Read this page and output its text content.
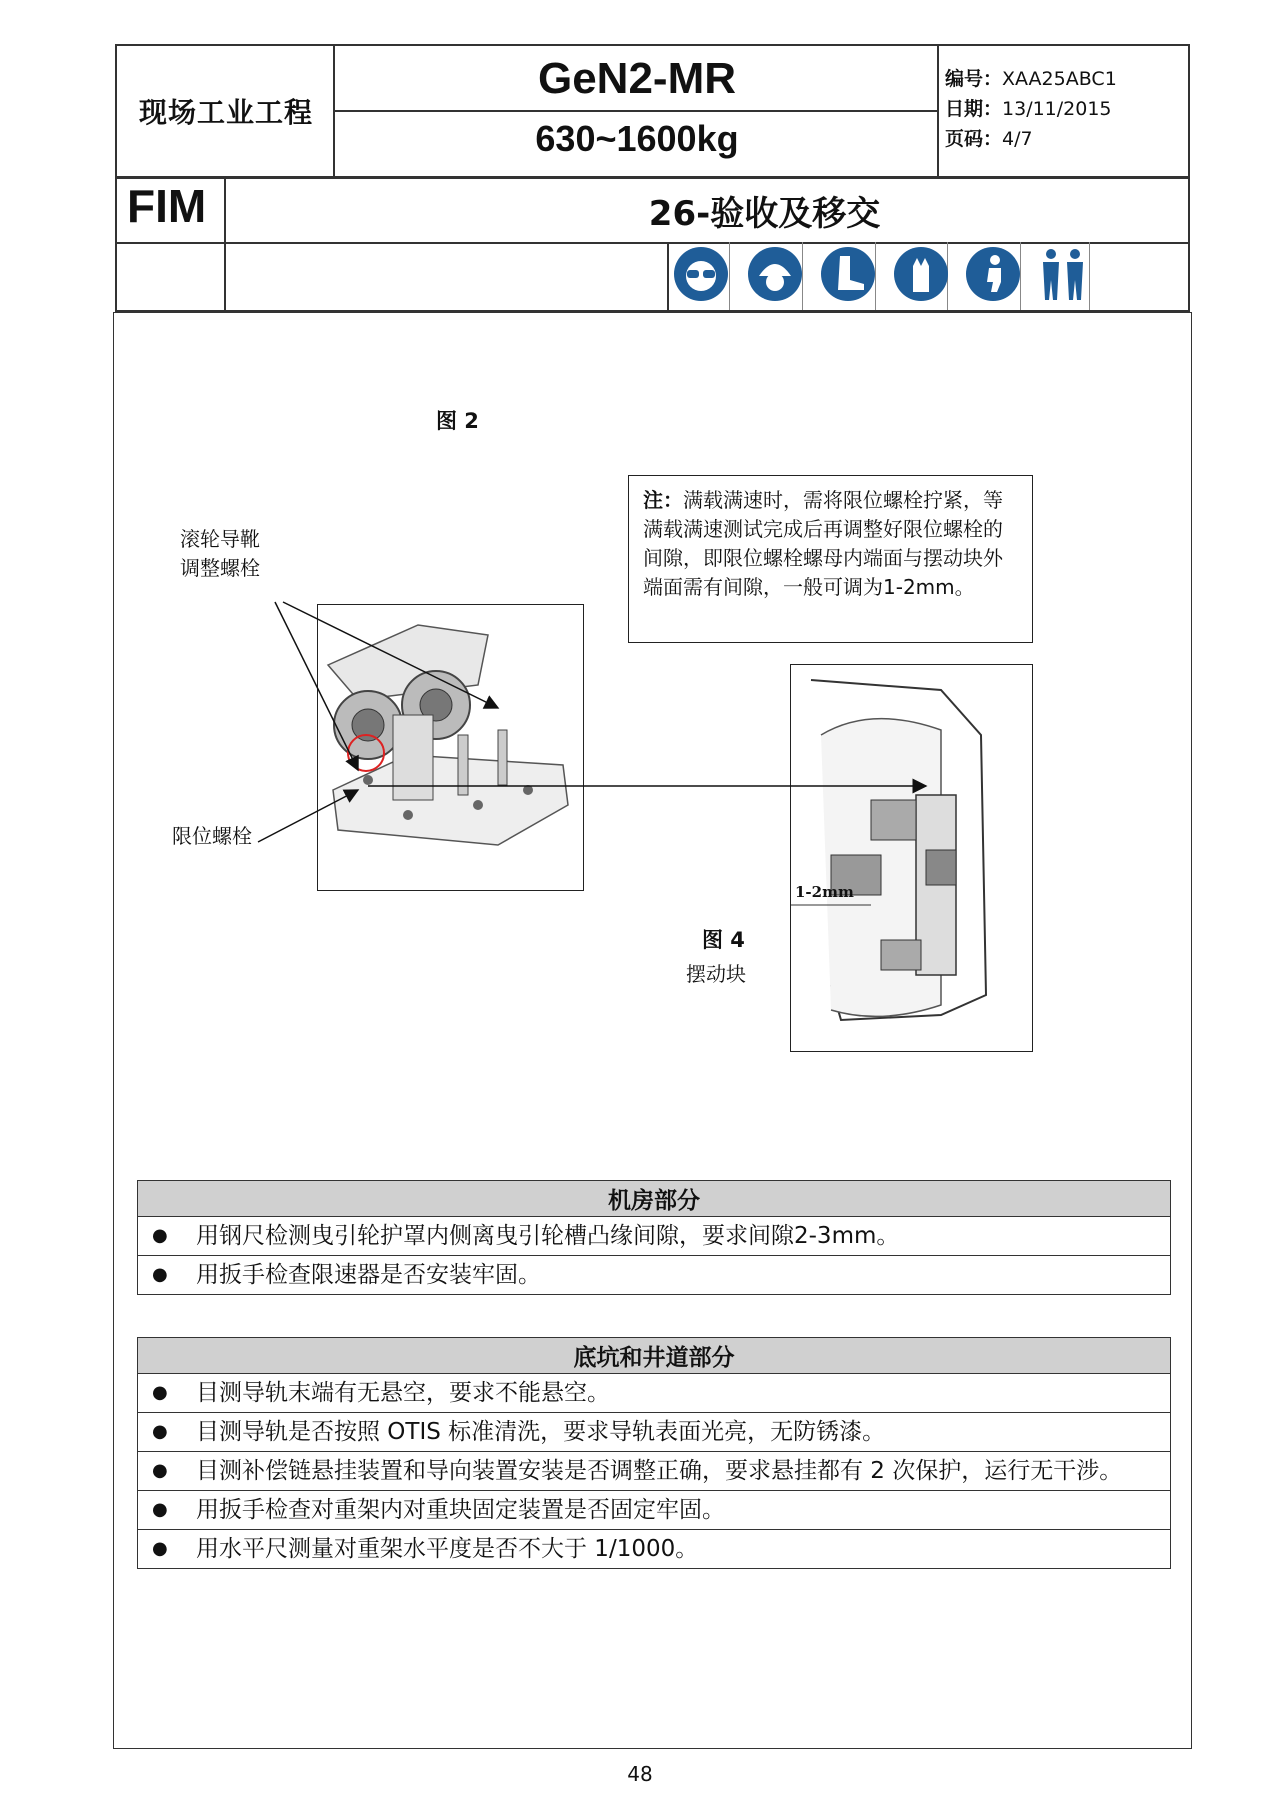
现场工业工程
GeN2-MR
630~1600kg
编号：XAA25ABC1
日期：13/11/2015
页码：4/7
FIM	26-验收及移交
图 2
滚轮导靴
调整螺栓
限位螺栓
注：满载满速时，需将限位螺栓拧紧，等满载满速测试完成后再调整好限位螺栓的间隙，即限位螺栓螺母内端面与摆动块外端面需有间隙，一般可调为1-2mm。
1-2mm
图 4
摆动块
机房部分

● 用钢尺检测曳引轮护罩内侧离曳引轮槽凸缘间隙，要求间隙2-3mm。

● 用扳手检查限速器是否安装牢固。
底坑和井道部分

● 目测导轨末端有无悬空，要求不能悬空。

● 目测导轨是否按照 OTIS 标准清洗，要求导轨表面光亮，无防锈漆。

● 目测补偿链悬挂装置和导向装置安装是否调整正确，要求悬挂都有 2 次保护，运行无干涉。

● 用扳手检查对重架内对重块固定装置是否固定牢固。

● 用水平尺测量对重架水平度是否不大于 1/1000。
48
